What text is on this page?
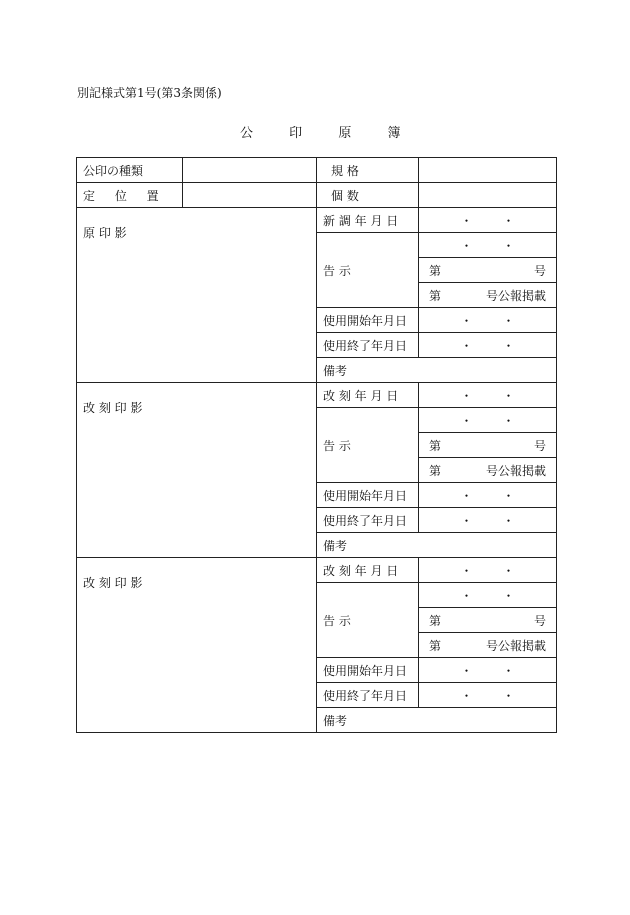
別記様式第1号(第3条関係)
公	印	原	簿
公印の種類		規 格	

定 位 置		個 数	

原 印 影		新 調 年 月 日	・ ・

		告 示	・ ・

			第 号

			第 号公報掲載

		使用開始年月日	・ ・

		使用終了年月日	・ ・

		備考	
改 刻 印 影		改 刻 年 月 日	・ ・

		告 示	・ ・

			第 号

			第 号公報掲載

		使用開始年月日	・ ・

		使用終了年月日	・ ・

		備考	
改 刻 印 影		改 刻 年 月 日	・ ・

		告 示	・ ・

			第 号

			第 号公報掲載

		使用開始年月日	・ ・

		使用終了年月日	・ ・

		備考	
